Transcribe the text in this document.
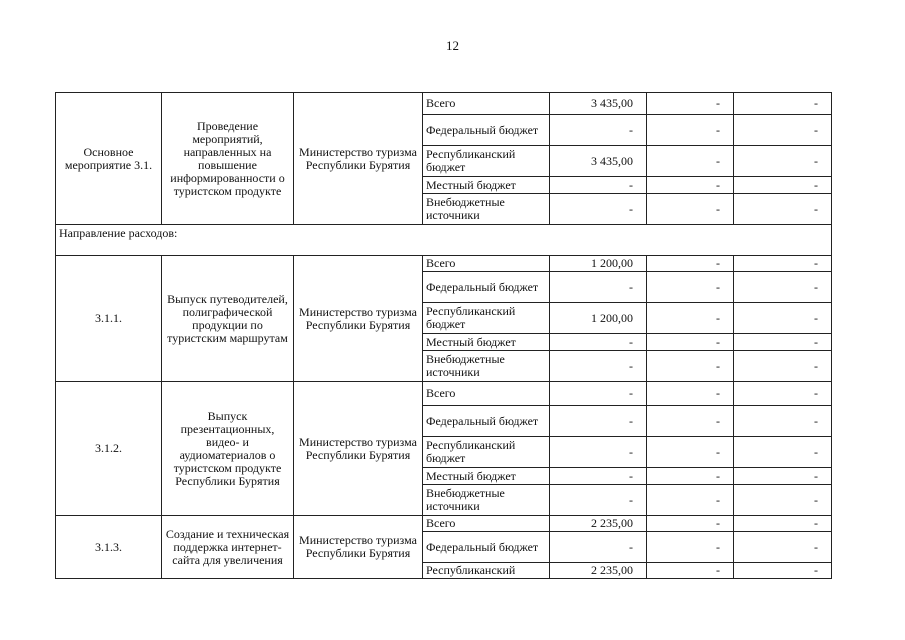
12
Основное мероприятие 3.1.	Проведение мероприятий, направленных на повышение информированности о туристском продукте	Министерство туризма Республики Бурятия	Всего	3 435,00	-	-
			Федеральный бюджет	-	-	-
			Республиканский бюджет	3 435,00	-	-
			Местный бюджет	-	-	-
			Внебюджетные источники	-	-	-
Направление расходов:						
3.1.1.	Выпуск путеводителей, полиграфической продукции по туристским маршрутам	Министерство туризма Республики Бурятия	Всего	1 200,00	-	-
			Федеральный бюджет	-	-	-
			Республиканский бюджет	1 200,00	-	-
			Местный бюджет	-	-	-
			Внебюджетные источники	-	-	-
3.1.2.	Выпуск презентационных, видео- и аудиоматериалов о туристском продукте Республики Бурятия	Министерство туризма Республики Бурятия	Всего	-	-	-
			Федеральный бюджет	-	-	-
			Республиканский бюджет	-	-	-
			Местный бюджет	-	-	-
			Внебюджетные источники	-	-	-
3.1.3.	Создание и техническая поддержка интернет-сайта для увеличения	Министерство туризма Республики Бурятия	Всего	2 235,00	-	-
			Федеральный бюджет	-	-	-
			Республиканский	2 235,00	-	-
